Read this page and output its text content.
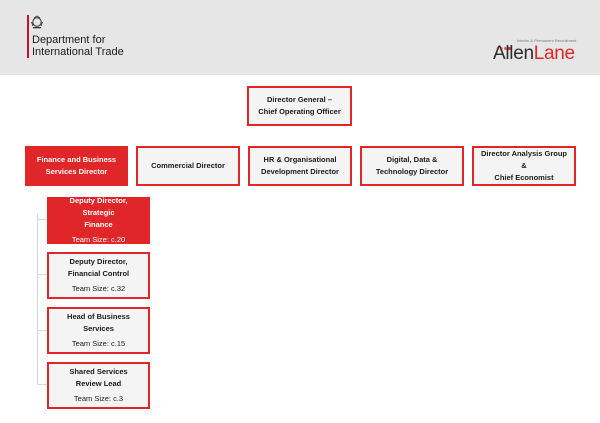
Department for
International Trade
Interim & Permanent Recruitment
AllenLane
Director General –
Chief Operating Officer
Finance and Business
Services Director
Commercial Director
HR & Organisational
Development Director
Digital, Data &
Technology Director
Director Analysis Group &
Chief Economist
Deputy Director, Strategic
Finance
Team Size: c.20
Deputy Director,
Financial Control
Team Size: c.32
Head of Business
Services
Team Size: c.15
Shared Services
Review Lead
Team Size: c.3
